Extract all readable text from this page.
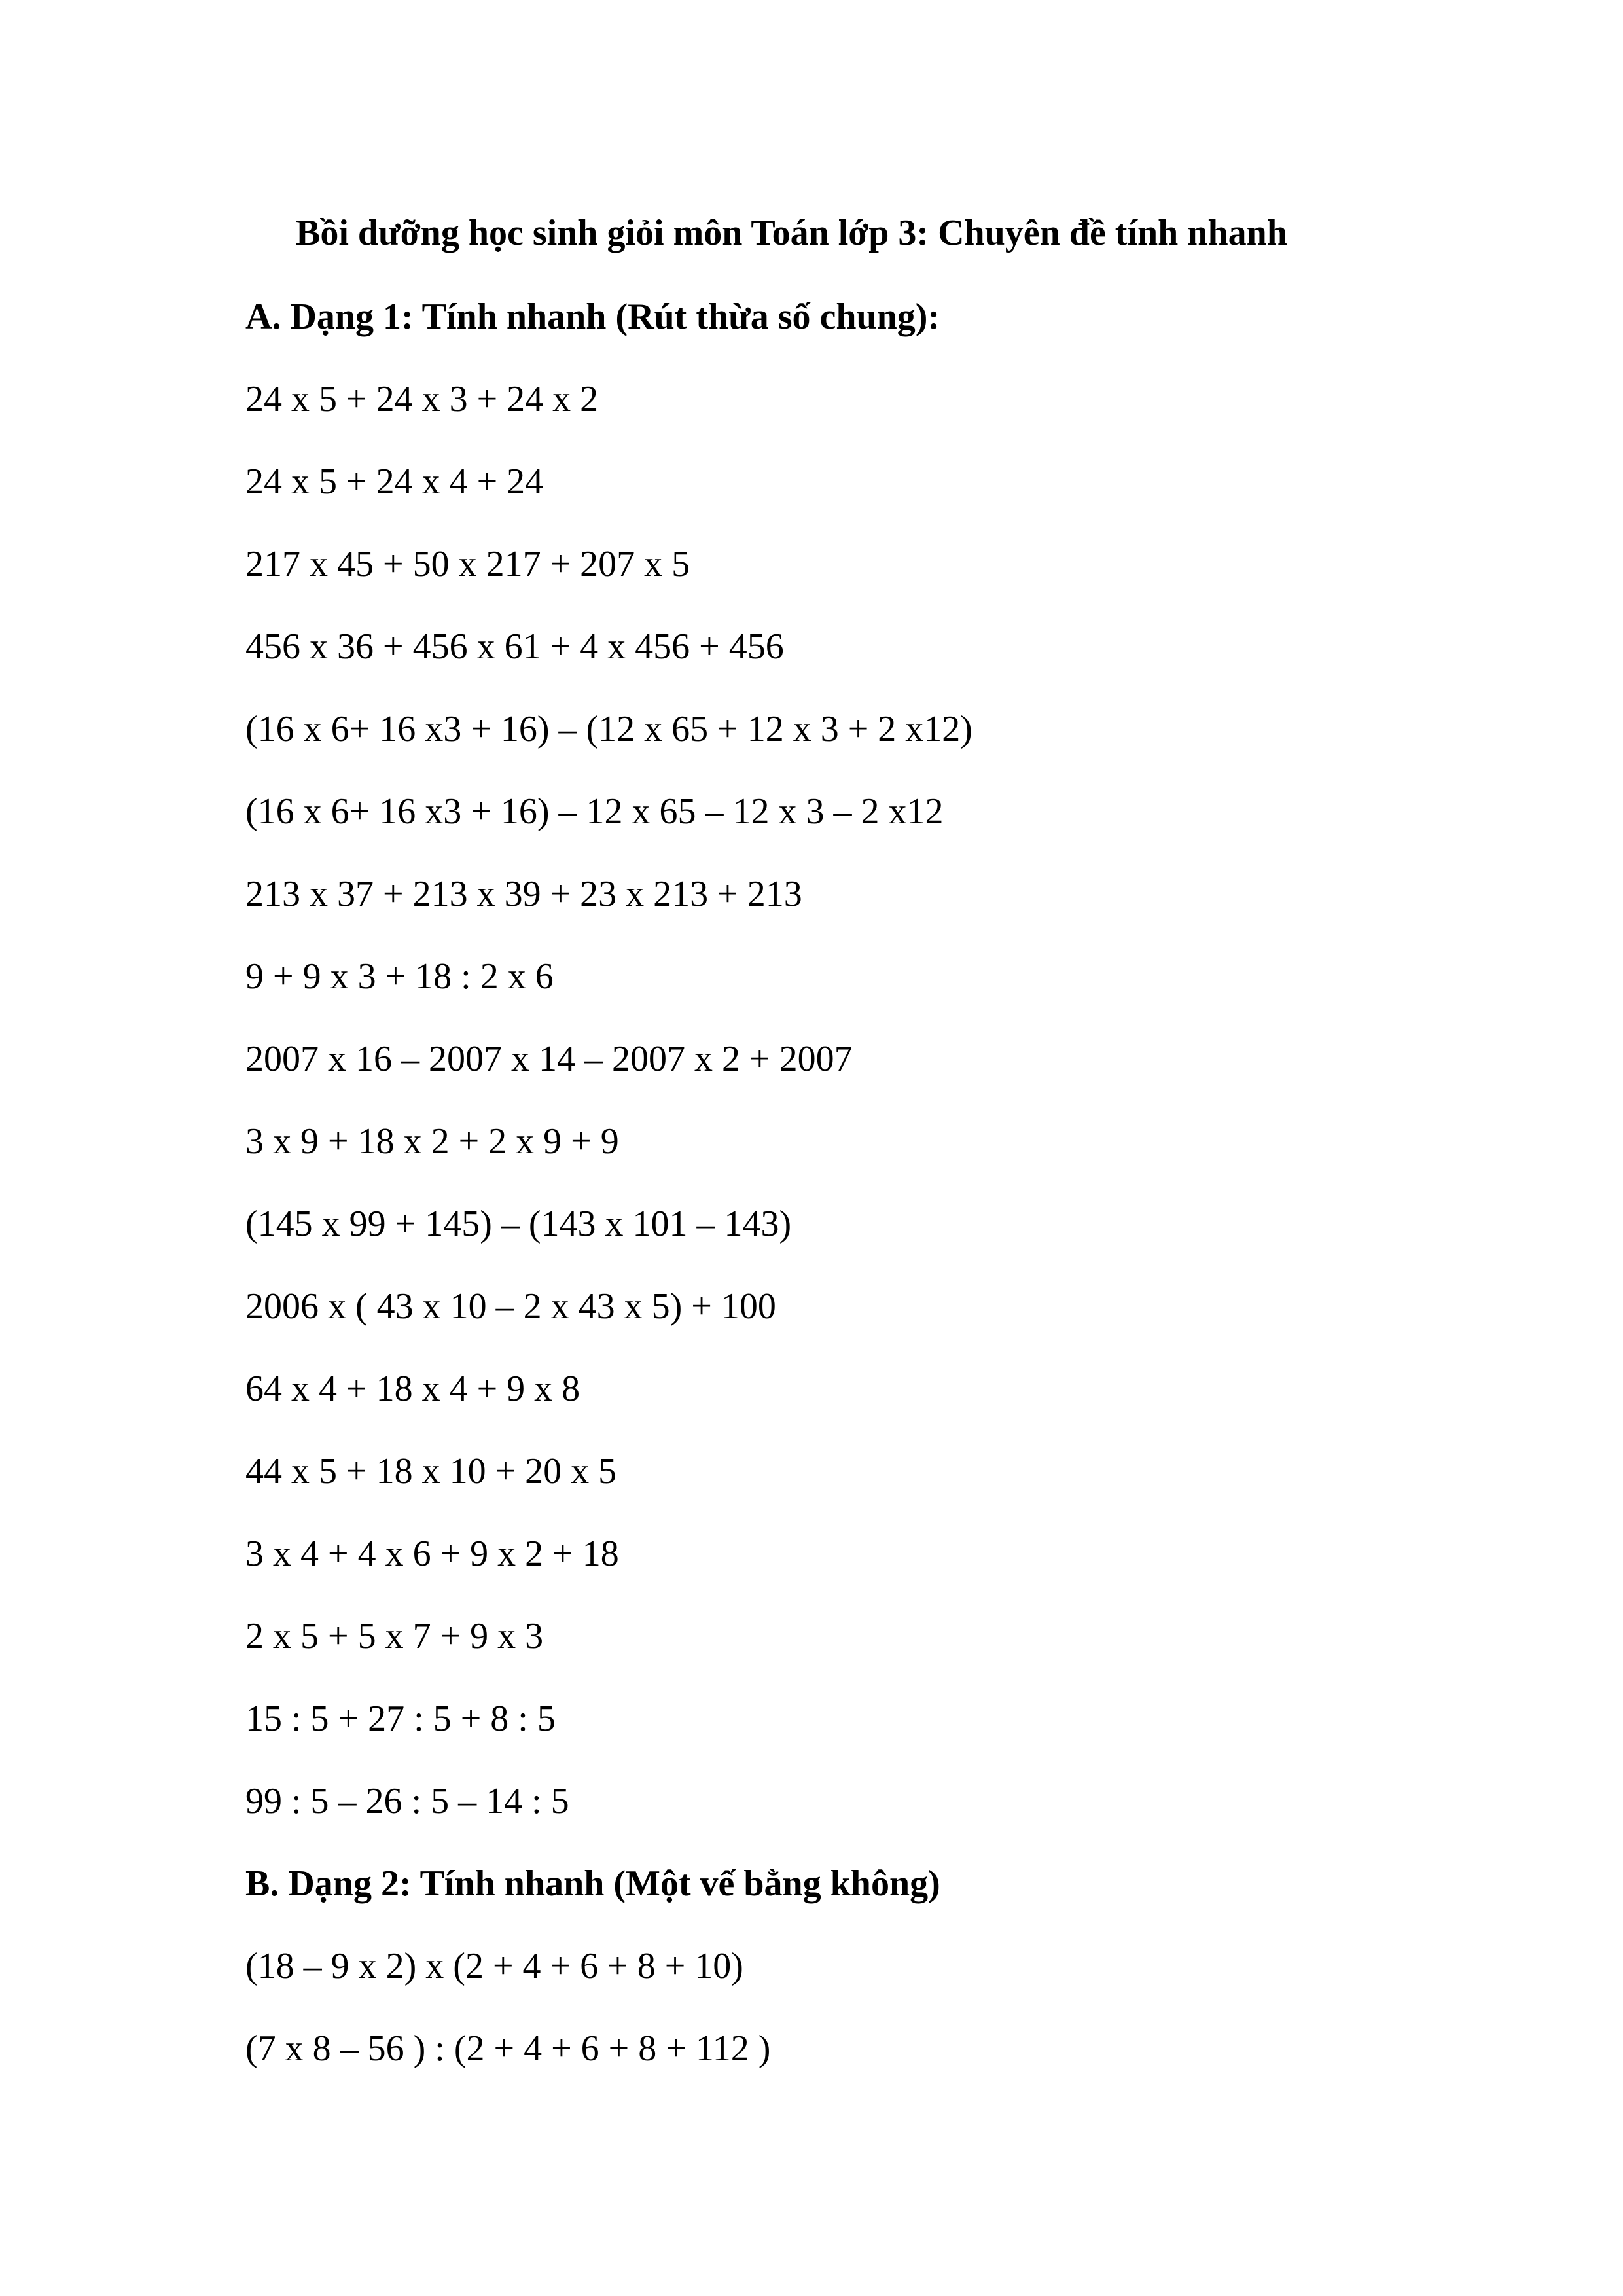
Bồi dưỡng học sinh giỏi môn Toán lớp 3: Chuyên đề tính nhanh
A. Dạng 1: Tính nhanh (Rút thừa số chung):
24 x 5 + 24 x 3 + 24 x 2
24 x 5 + 24 x 4 + 24
217 x 45 + 50 x 217 + 207 x 5
456 x 36 + 456 x 61 + 4 x 456 + 456
(16 x 6+ 16 x3 + 16) – (12 x 65 + 12 x 3 + 2 x12)
(16 x 6+ 16 x3 + 16) – 12 x 65 – 12 x 3 – 2 x12
213 x 37 + 213 x 39 + 23 x 213 + 213
9 + 9 x 3 + 18 : 2 x 6
2007 x 16 – 2007 x 14 – 2007 x 2 + 2007
3 x 9 + 18 x 2 + 2 x 9 + 9
(145 x 99 + 145) – (143 x 101 – 143)
2006 x ( 43 x 10 – 2 x 43 x 5) + 100
64 x 4 + 18 x 4 + 9 x 8
44 x 5 + 18 x 10 + 20 x 5
3 x 4 + 4 x 6 + 9 x 2 + 18
2 x 5 + 5 x 7 + 9 x 3
15 : 5 + 27 : 5 + 8 : 5
99 : 5 – 26 : 5 – 14 : 5
B. Dạng 2: Tính nhanh (Một vế bằng không)
(18 – 9 x 2) x (2 + 4 + 6 + 8 + 10)
(7 x 8 – 56 ) : (2 + 4 + 6 + 8 + 112 )
